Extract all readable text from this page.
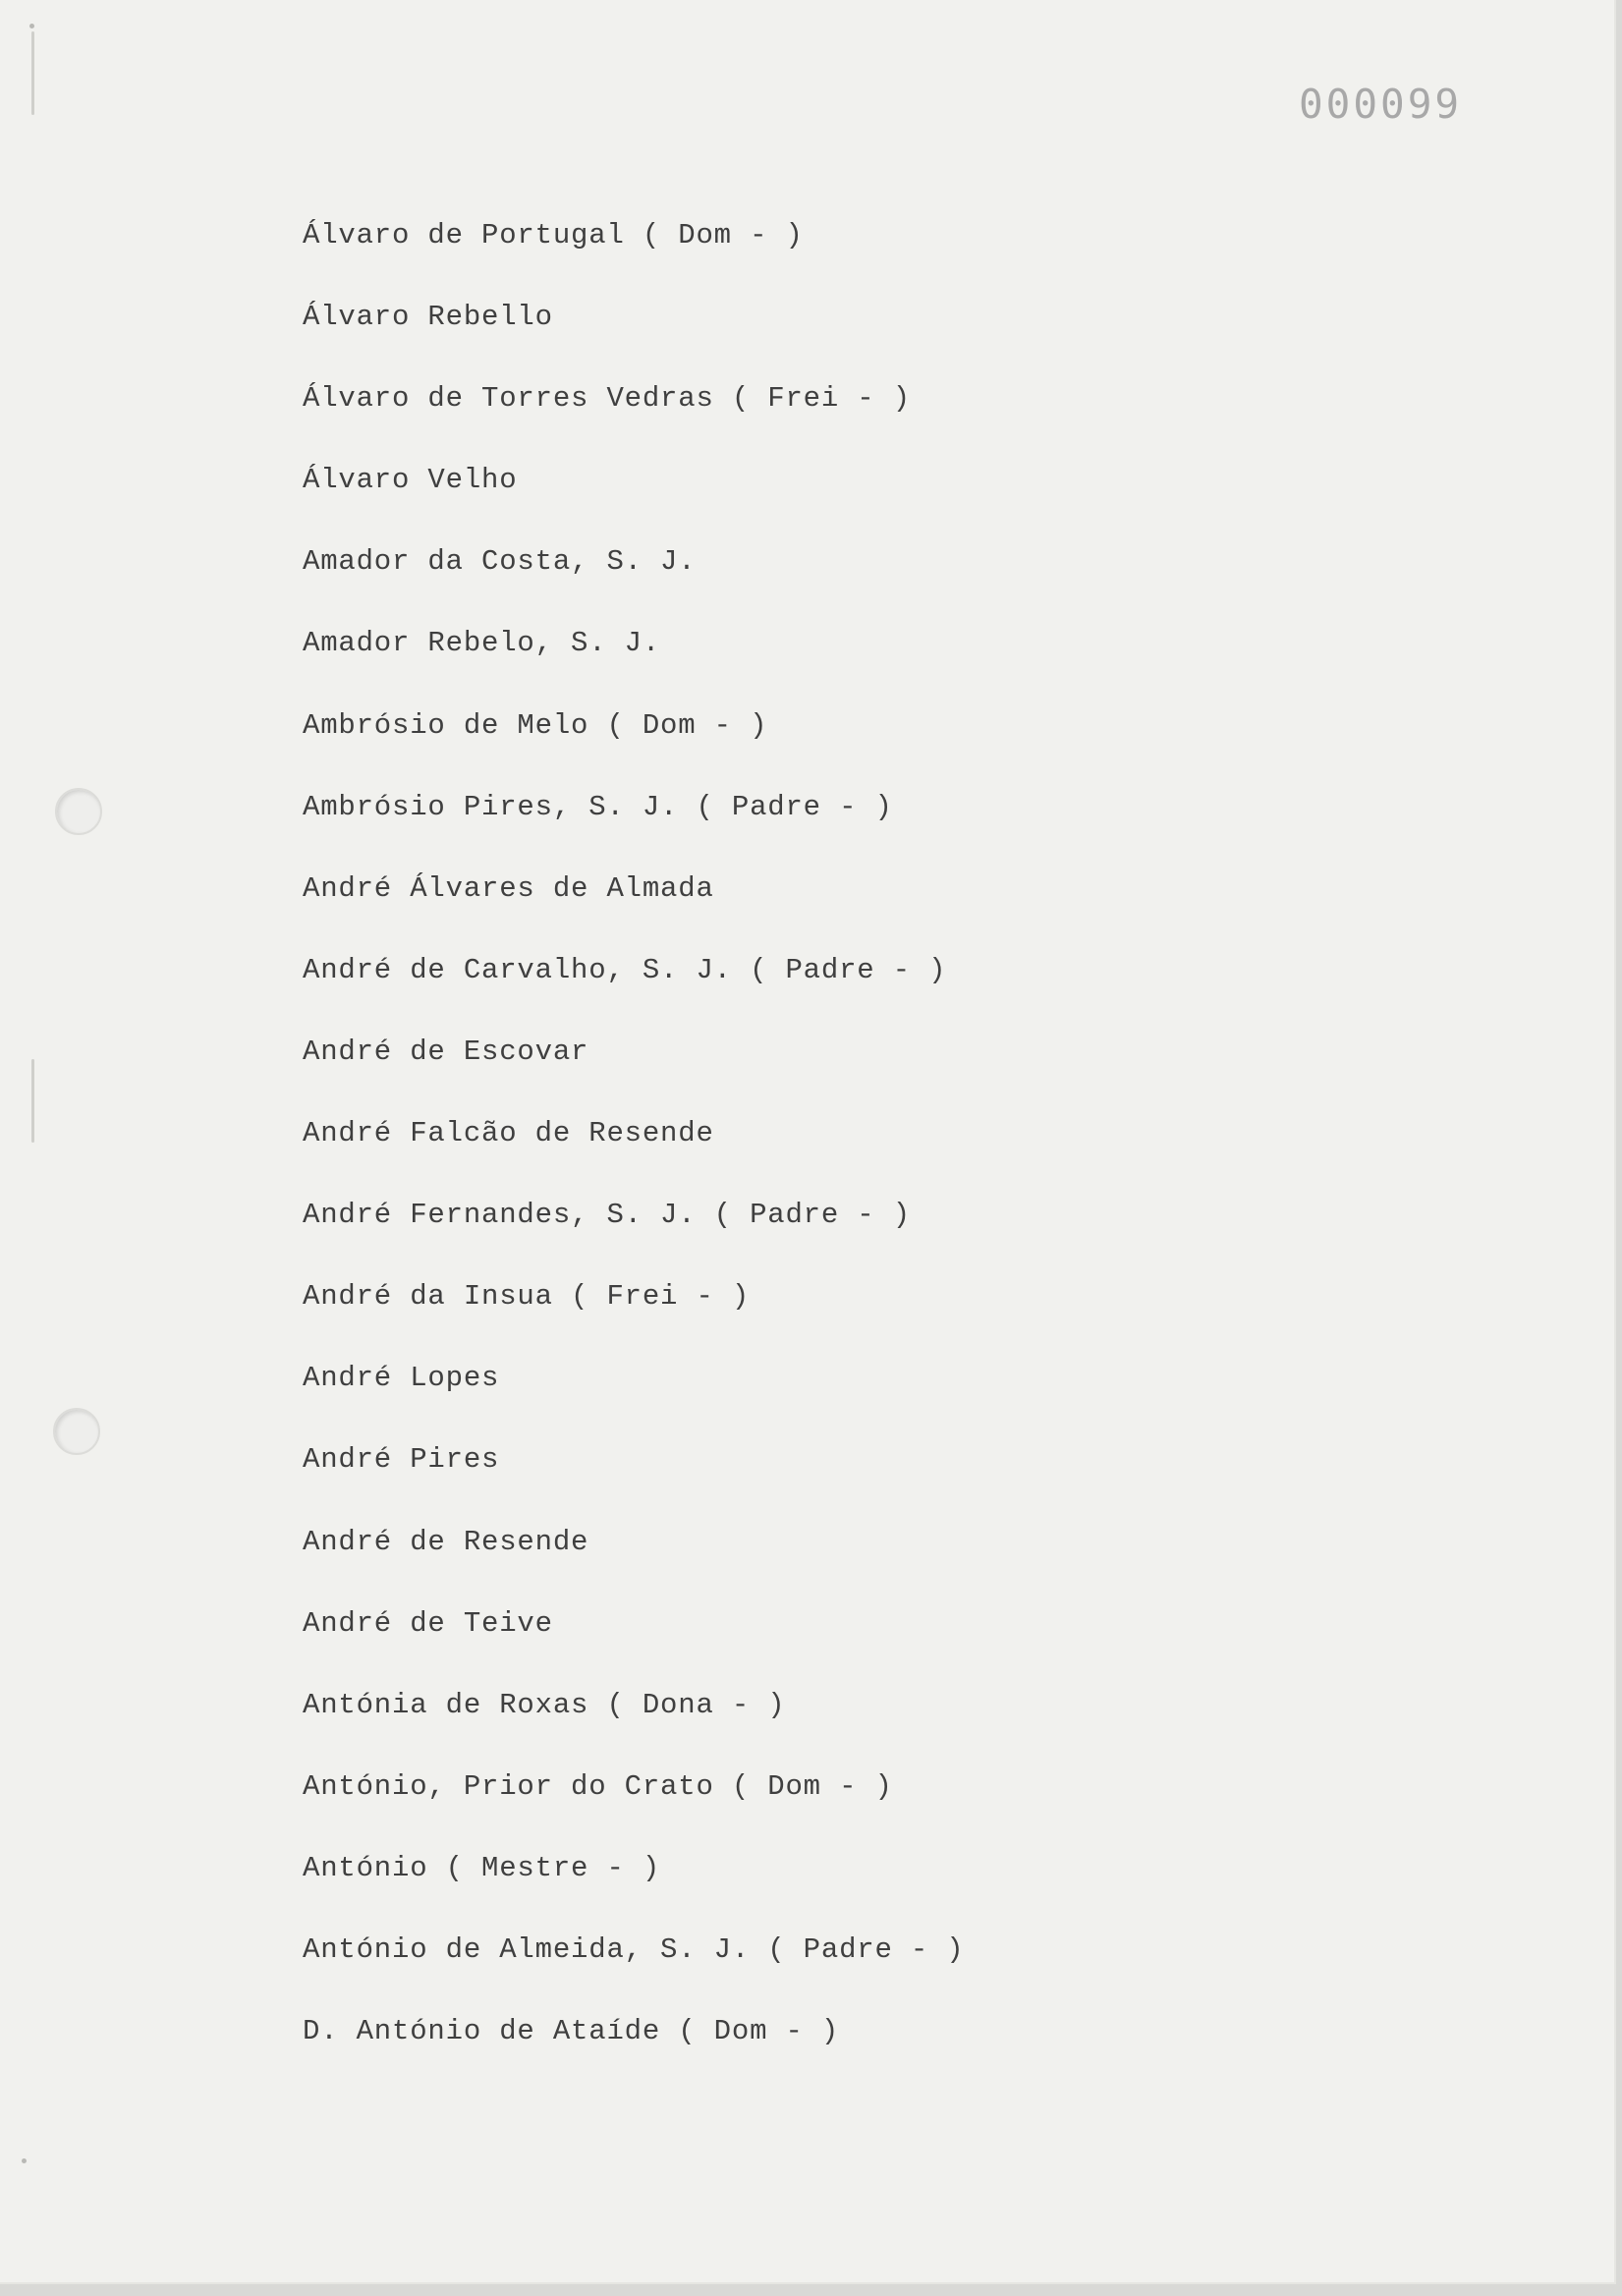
000099
Álvaro de Portugal ( Dom - )
Álvaro Rebello
Álvaro de Torres Vedras ( Frei - )
Álvaro Velho
Amador da Costa, S. J.
Amador Rebelo, S. J.
Ambrósio de Melo ( Dom - )
Ambrósio Pires, S. J. ( Padre - )
André Álvares de Almada
André de Carvalho, S. J. ( Padre - )
André de Escovar
André Falcão de Resende
André Fernandes, S. J. ( Padre - )
André da Insua ( Frei - )
André Lopes
André Pires
André de Resende
André de Teive
Antónia de Roxas ( Dona - )
António, Prior do Crato ( Dom - )
António ( Mestre - )
António de Almeida, S. J. ( Padre - )
D. António de Ataíde ( Dom - )
